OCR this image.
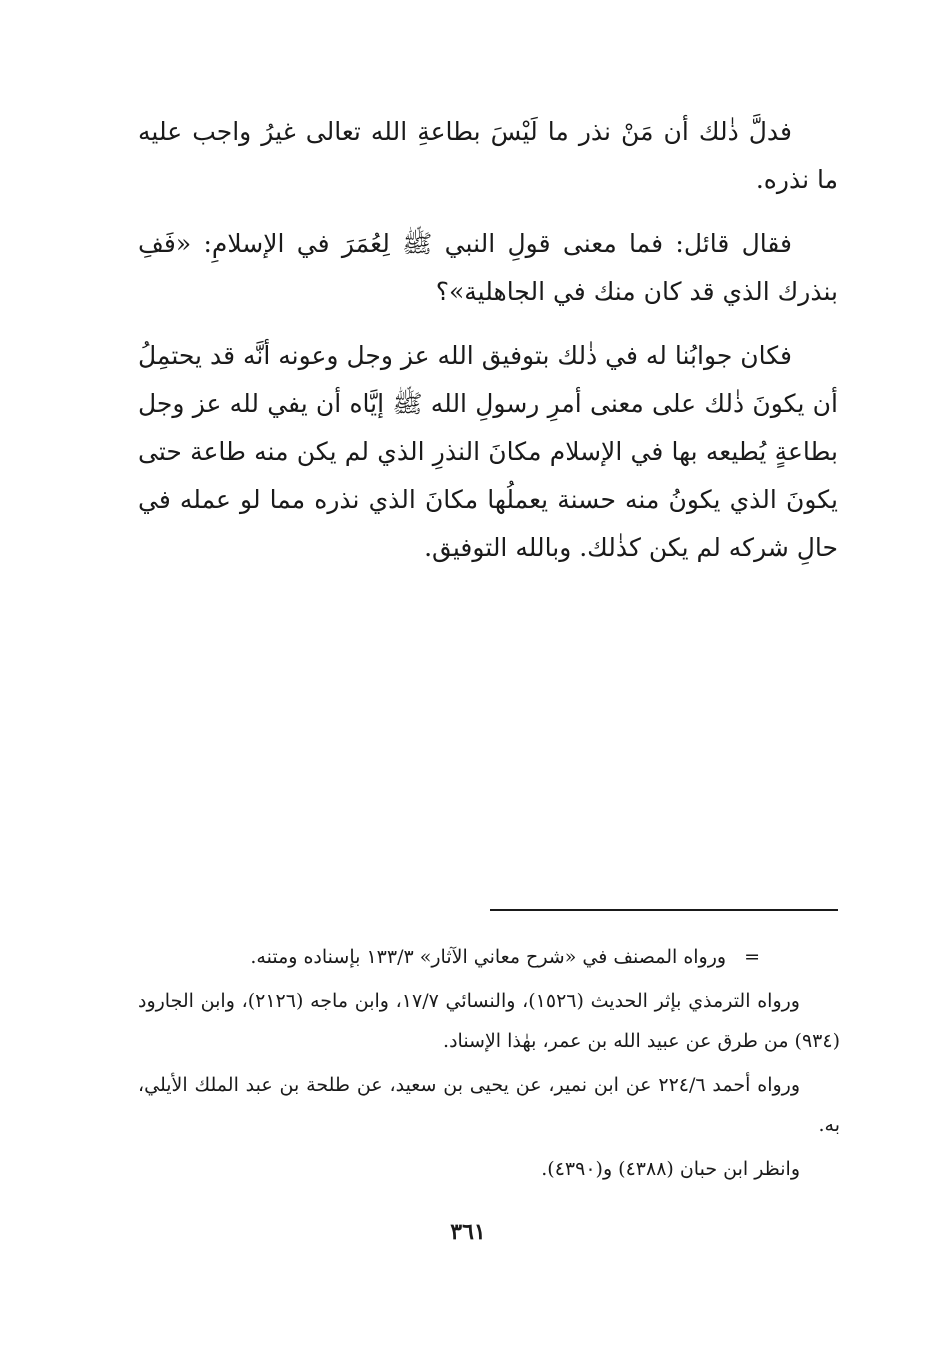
فدلَّ ذٰلك أن مَنْ نذر ما لَيْسَ بطاعةِ الله تعالى غيرُ واجب عليه ما نذره.

فقال قائل: فما معنى قولِ النبي ﷺ لِعُمَرَ في الإسلامِ: «فَفِ بنذرك الذي قد كان منك في الجاهلية»؟

فكان جوابُنا له في ذٰلك بتوفيق الله عز وجل وعونه أنَّه قد يحتمِلُ أن يكونَ ذٰلك على معنى أمرِ رسولِ الله ﷺ إيَّاه أن يفي لله عز وجل بطاعةٍ يُطيعه بها في الإسلام مكانَ النذرِ الذي لم يكن منه طاعة حتى يكونَ الذي يكونُ منه حسنة يعملُها مكانَ الذي نذره مما لو عمله في حالِ شركه لم يكن كذٰلك. وبالله التوفيق.

=ورواه المصنف في «شرح معاني الآثار» ١٣٣/٣ بإسناده ومتنه.

ورواه الترمذي بإثر الحديث (١٥٢٦)، والنسائي ١٧/٧، وابن ماجه (٢١٢٦)، وابن الجارود (٩٣٤) من طرق عن عبيد الله بن عمر، بهٰذا الإسناد.

ورواه أحمد ٢٢٤/٦ عن ابن نمير، عن يحيى بن سعيد، عن طلحة بن عبد الملك الأيلي، به.

وانظر ابن حبان (٤٣٨٨) و(٤٣٩٠).

٣٦١
